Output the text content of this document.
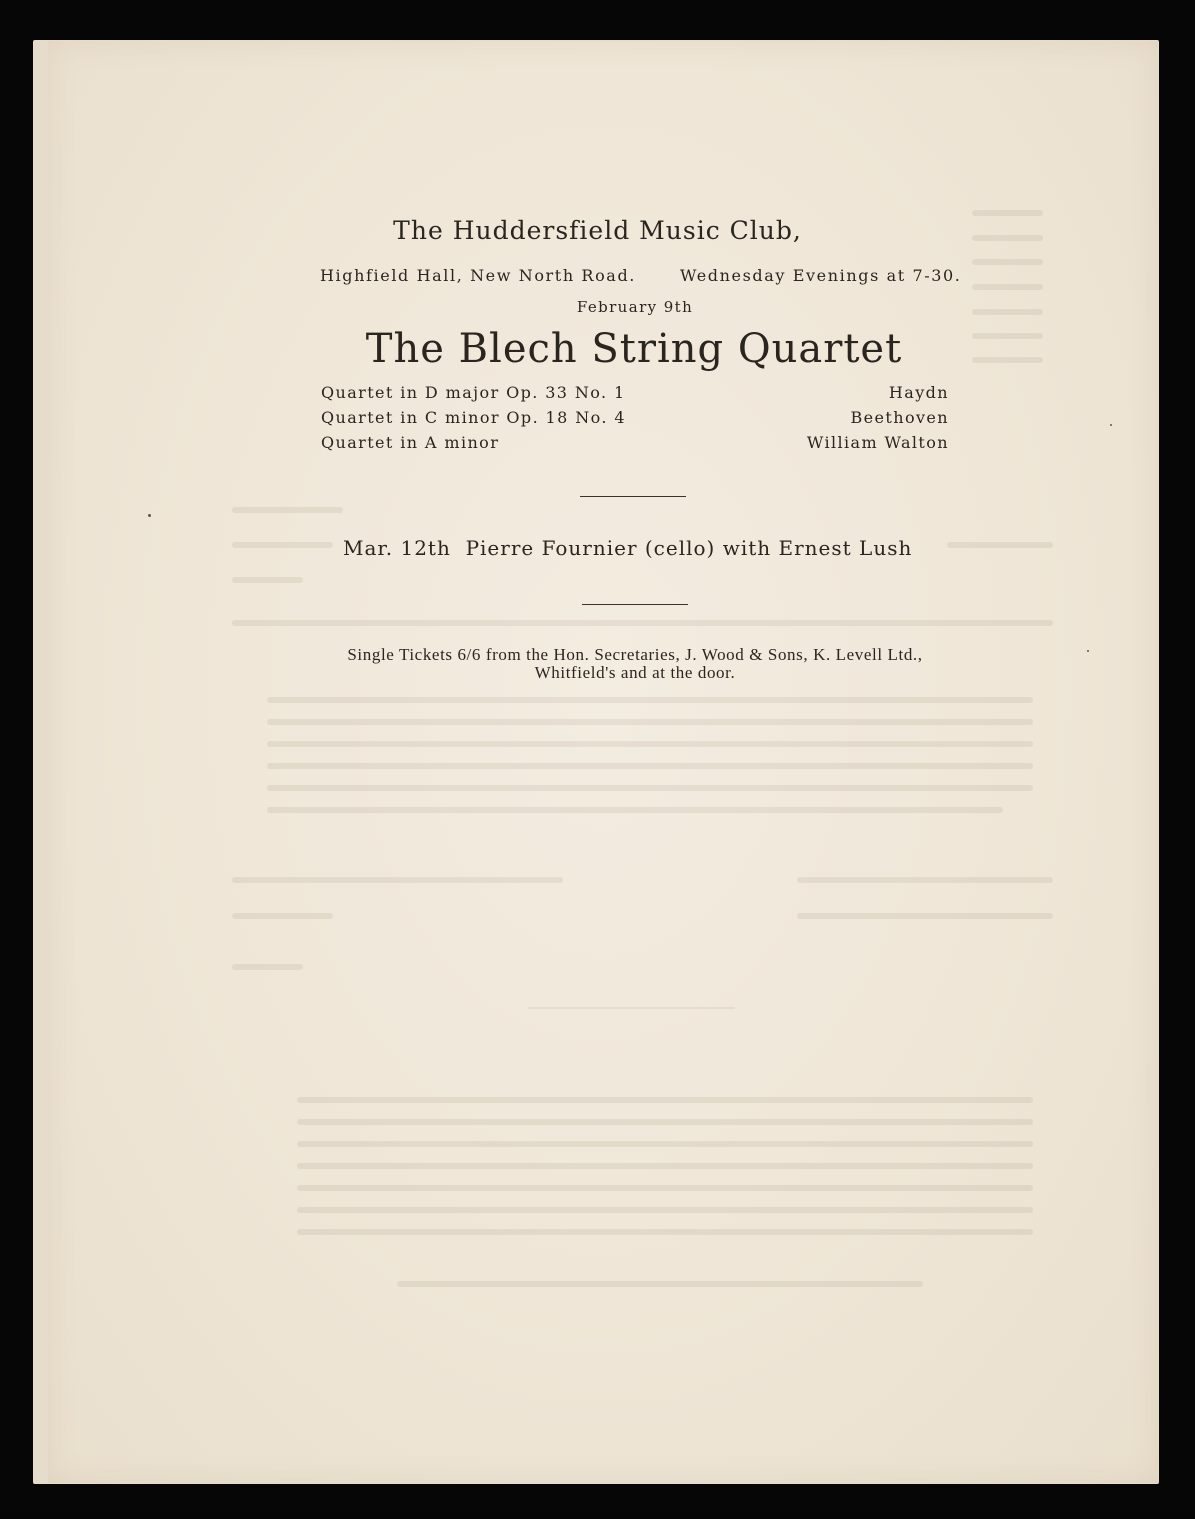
The Huddersfield Music Club,
Highfield Hall, New North Road.	Wednesday Evenings at 7-30.
February 9th
The Blech String Quartet
Quartet in D major Op. 33 No. 1	Haydn
Quartet in C minor Op. 18 No. 4	Beethoven
Quartet in A minor	William Walton
Mar. 12th Pierre Fournier (cello) with Ernest Lush
Single Tickets 6/6 from the Hon. Secretaries, J. Wood & Sons, K. Levell Ltd.,
Whitfield's and at the door.
